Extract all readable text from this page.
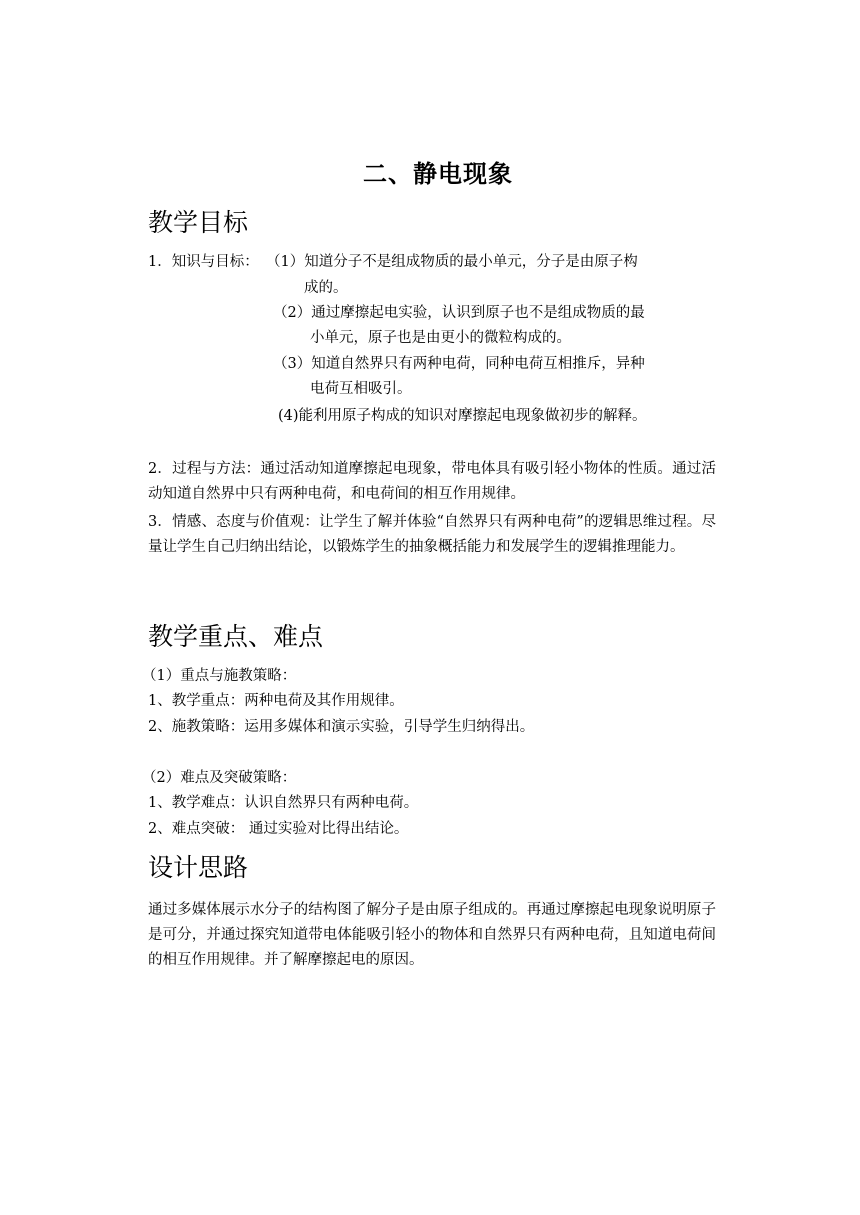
二、静电现象
教学目标
1．知识与目标： （1）知道分子不是组成物质的最小单元，分子是由原子构
成的。
（2）通过摩擦起电实验，认识到原子也不是组成物质的最
小单元，原子也是由更小的微粒构成的。
（3）知道自然界只有两种电荷，同种电荷互相推斥，异种
电荷互相吸引。
(4)能利用原子构成的知识对摩擦起电现象做初步的解释。
2．过程与方法：通过活动知道摩擦起电现象，带电体具有吸引轻小物体的性质。通过活动知道自然界中只有两种电荷，和电荷间的相互作用规律。
3．情感、态度与价值观：让学生了解并体验“自然界只有两种电荷”的逻辑思维过程。尽量让学生自己归纳出结论，以锻炼学生的抽象概括能力和发展学生的逻辑推理能力。
教学重点、难点
（1）重点与施教策略：
1、教学重点：两种电荷及其作用规律。
2、施教策略：运用多媒体和演示实验，引导学生归纳得出。
（2）难点及突破策略：
1、教学难点：认识自然界只有两种电荷。
2、难点突破： 通过实验对比得出结论。
设计思路
通过多媒体展示水分子的结构图了解分子是由原子组成的。再通过摩擦起电现象说明原子是可分，并通过探究知道带电体能吸引轻小的物体和自然界只有两种电荷，且知道电荷间的相互作用规律。并了解摩擦起电的原因。
